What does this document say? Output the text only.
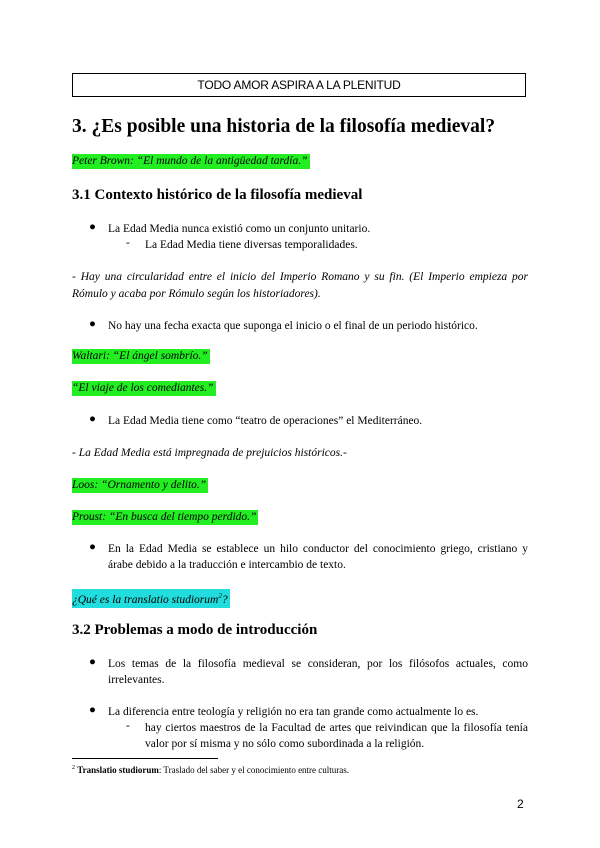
TODO AMOR ASPIRA A LA PLENITUD
3. ¿Es posible una historia de la filosofía medieval?
Peter Brown: “El mundo de la antigüedad tardía.”
3.1 Contexto histórico de la filosofía medieval
● La Edad Media nunca existió como un conjunto unitario.
- La Edad Media tiene diversas temporalidades.
- Hay una circularidad entre el inicio del Imperio Romano y su fin. (El Imperio empieza por Rómulo y acaba por Rómulo según los historiadores).
● No hay una fecha exacta que suponga el inicio o el final de un periodo histórico.
Waltari: “El ángel sombrío.”
“El viaje de los comediantes.”
● La Edad Media tiene como “teatro de operaciones” el Mediterráneo.
- La Edad Media está impregnada de prejuicios históricos.-
Loos: “Ornamento y delito.”
Proust: “En busca del tiempo perdido.”
● En la Edad Media se establece un hilo conductor del conocimiento griego, cristiano y árabe debido a la traducción e intercambio de texto.
¿Qué es la translatio studiorum$^2$?
3.2 Problemas a modo de introducción
● Los temas de la filosofía medieval se consideran, por los filósofos actuales, como irrelevantes.
● La diferencia entre teología y religión no era tan grande como actualmente lo es.
- hay ciertos maestros de la Facultad de artes que reivindican que la filosofía tenía valor por sí misma y no sólo como subordinada a la religión.
$^2$ Translatio studiorum: Traslado del saber y el conocimiento entre culturas.
2
